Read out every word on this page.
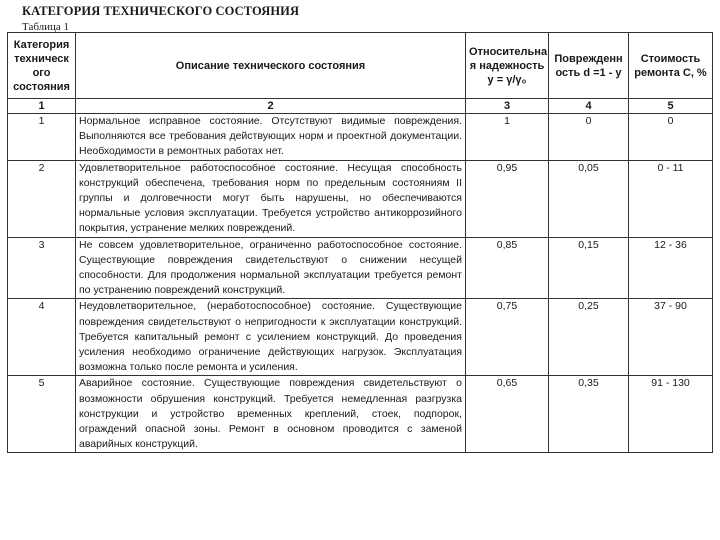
КАТЕГОРИЯ ТЕХНИЧЕСКОГО СОСТОЯНИЯ
Таблица 1
Категория техническ ого состояния	Описание технического состояния	Относительна я надежность у = γ/γ₀	Поврежденн ость d =1 - y	Стоимость ремонта C, %
1	2	3	4	5
1	Нормальное исправное состояние. Отсутствуют видимые повреждения. Выполняются все требования действующих норм и проектной документации. Необходимости в ремонтных работах нет.	1	0	0
2	Удовлетворительное работоспособное состояние. Несущая способность конструкций обеспечена, требования норм по предельным состояниям II группы и долговечности могут быть нарушены, но обеспечиваются нормальные условия эксплуатации. Требуется устройство антикоррозийного покрытия, устранение мелких повреждений.	0,95	0,05	0 - 11
3	Не совсем удовлетворительное, ограниченно работоспособное состояние. Существующие повреждения свидетельствуют о снижении несущей способности. Для продолжения нормальной эксплуатации требуется ремонт по устранению повреждений конструкций.	0,85	0,15	12 - 36
4	Неудовлетворительное, (неработоспособное) состояние. Существующие повреждения свидетельствуют о непригодности к эксплуатации конструкций. Требуется капитальный ремонт с усилением конструкций. До проведения усиления необходимо ограничение действующих нагрузок. Эксплуатация возможна только после ремонта и усиления.	0,75	0,25	37 - 90
5	Аварийное состояние. Существующие повреждения свидетельствуют о возможности обрушения конструкций. Требуется немедленная разгрузка конструкции и устройство временных креплений, стоек, подпорок, ограждений опасной зоны. Ремонт в основном проводится с заменой аварийных конструкций.	0,65	0,35	91 - 130
